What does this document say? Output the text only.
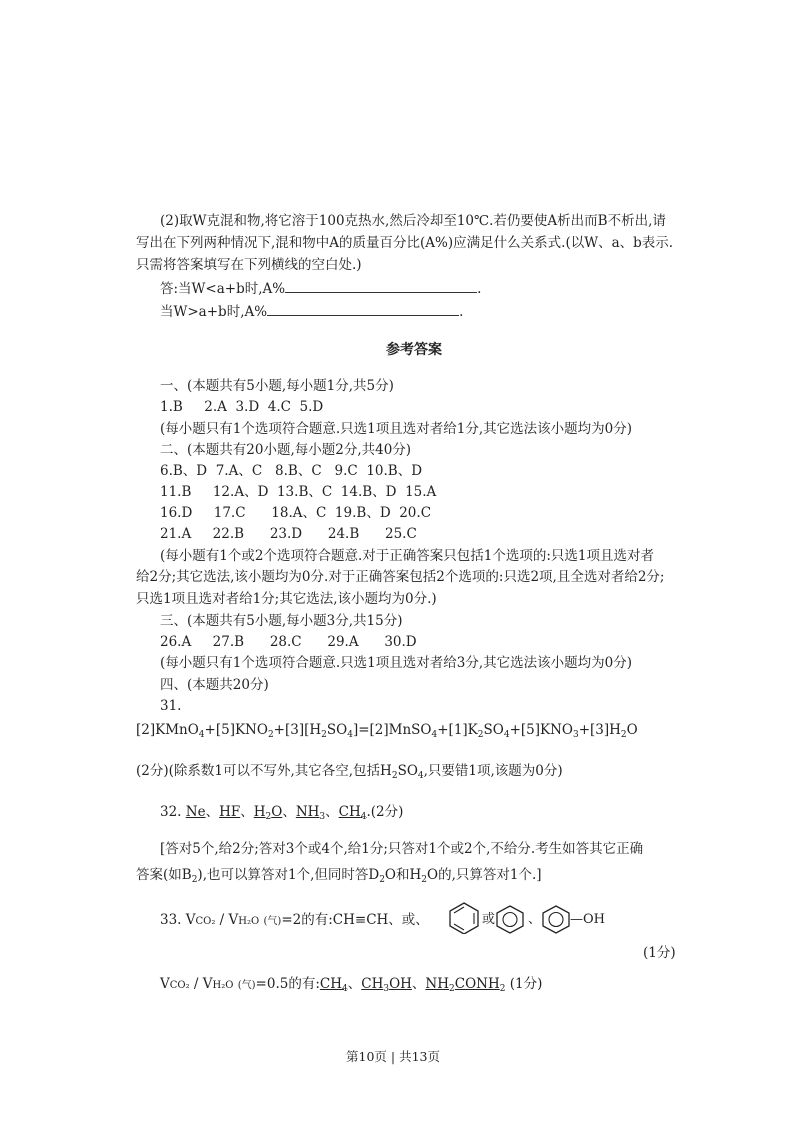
(2)取W克混和物,将它溶于100克热水,然后冷却至10℃.若仍要使A析出而B不析出,请
写出在下列两种情况下,混和物中A的质量百分比(A%)应满足什么关系式.(以W、a、b表示.
只需将答案填写在下列横线的空白处.)
答:当W<a+b时,A%	.
当W>a+b时,A%	.
参考答案
一、(本题共有5小题,每小题1分,共5分)
1.B     2.A  3.D  4.C  5.D
(每小题只有1个选项符合题意.只选1项且选对者给1分,其它选法该小题均为0分)
二、(本题共有20小题,每小题2分,共40分)
6.B、D  7.A、C   8.B、C   9.C  10.B、D
11.B     12.A、D  13.B、C  14.B、D  15.A
16.D     17.C      18.A、C  19.B、D  20.C
21.A     22.B      23.D      24.B      25.C
(每小题有1个或2个选项符合题意.对于正确答案只包括1个选项的:只选1项且选对者
给2分;其它选法,该小题均为0分.对于正确答案包括2个选项的:只选2项,且全选对者给2分;
只选1项且选对者给1分;其它选法,该小题均为0分.)
三、(本题共有5小题,每小题3分,共15分)
26.A     27.B      28.C      29.A      30.D
(每小题只有1个选项符合题意.只选1项且选对者给3分,其它选法该小题均为0分)
四、(本题共20分)
31.
$[2]KMnO_4+[5]KNO_2+[3][H_2SO_4]=[2]MnSO_4+[1]K_2SO_4+[5]KNO_3+[3]H_2O$
(2分)(除系数1可以不写外,其它各空,包括$H_2SO_4$,只要错1项,该题为0分)
32. Ne、HF、$H_2O$、$NH_3$、$CH_4.(2$分)
[答对5个,给2分;答对3个或4个,给1分;只答对1个或2个,不给分.考生如答其它正确
答案(如$B_2$),也可以算答对1个,但同时答$D_2O$和$H_2O$的,只算答对1个.]
33. VCO₂ / VH₂O (气)=2的有:CH≡CH、或、	或	、 —OH
(1分)
VCO₂ / VH₂O (气)=0.5的有$:CH_4$、$CH_3OH$、$NH_2CONH_2$ (1分)
第10页 | 共13页
